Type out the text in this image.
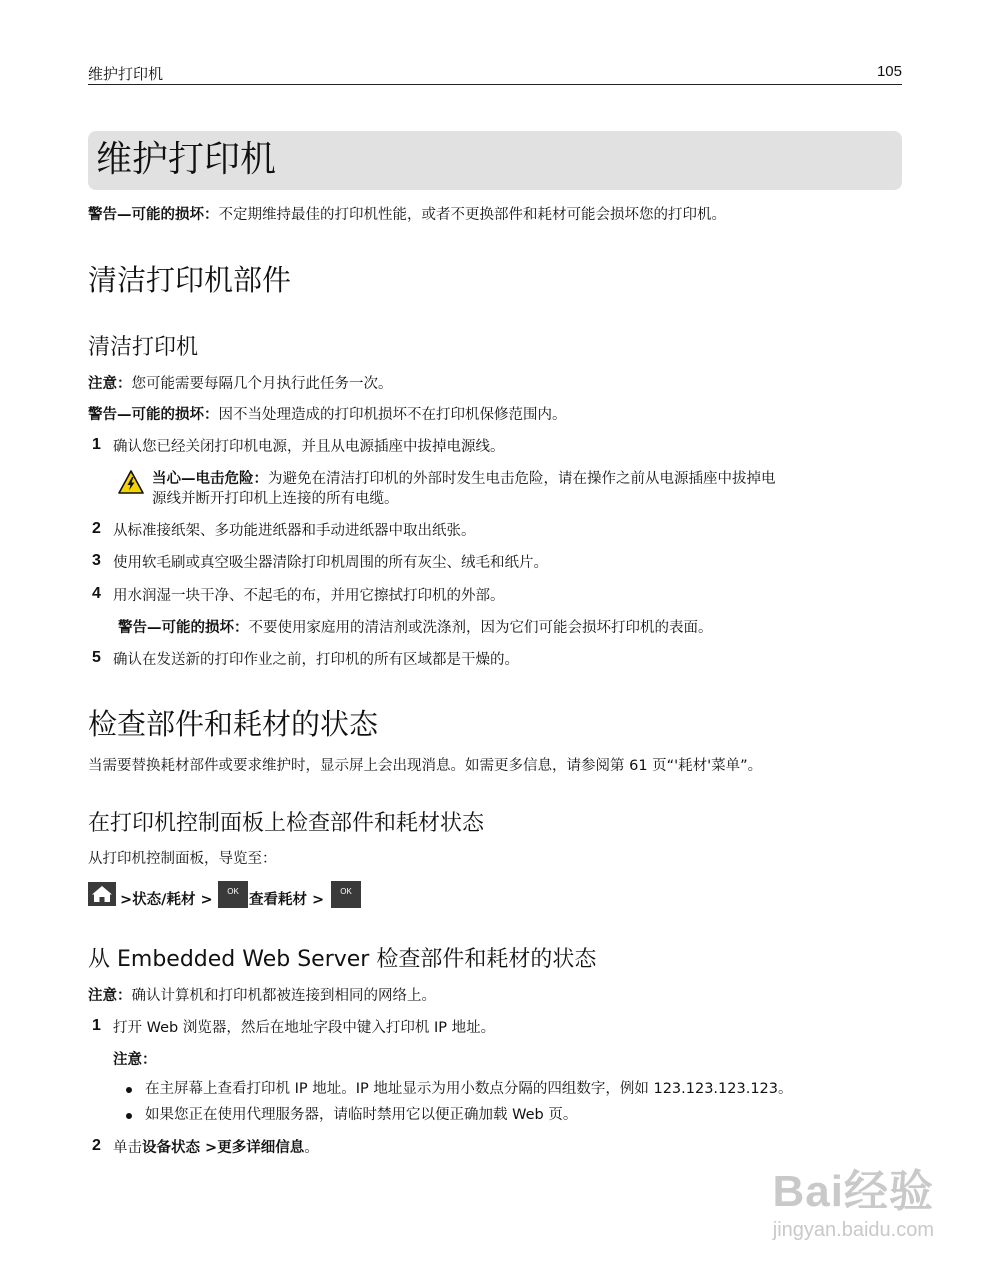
维护打印机	105
维护打印机
警告—可能的损坏：不定期维持最佳的打印机性能，或者不更换部件和耗材可能会损坏您的打印机。
清洁打印机部件
清洁打印机
注意：您可能需要每隔几个月执行此任务一次。
警告—可能的损坏：因不当处理造成的打印机损坏不在打印机保修范围内。
1 确认您已经关闭打印机电源，并且从电源插座中拔掉电源线。
当心—电击危险：为避免在清洁打印机的外部时发生电击危险，请在操作之前从电源插座中拔掉电
源线并断开打印机上连接的所有电缆。
2 从标准接纸架、多功能进纸器和手动进纸器中取出纸张。
3 使用软毛刷或真空吸尘器清除打印机周围的所有灰尘、绒毛和纸片。
4 用水润湿一块干净、不起毛的布，并用它擦拭打印机的外部。
警告—可能的损坏：不要使用家庭用的清洁剂或洗涤剂，因为它们可能会损坏打印机的表面。
5 确认在发送新的打印作业之前，打印机的所有区域都是干燥的。
检查部件和耗材的状态
当需要替换耗材部件或要求维护时，显示屏上会出现消息。如需更多信息，请参阅第 61 页“'耗材'菜单”。
在打印机控制面板上检查部件和耗材状态
从打印机控制面板，导览至：
>状态/耗材 >
OK
查看耗材 >
OK
从 Embedded Web Server 检查部件和耗材的状态
注意：确认计算机和打印机都被连接到相同的网络上。
1 打开 Web 浏览器，然后在地址字段中键入打印机 IP 地址。
注意：
在主屏幕上查看打印机 IP 地址。IP 地址显示为用小数点分隔的四组数字，例如 123.123.123.123。
如果您正在使用代理服务器，请临时禁用它以便正确加载 Web 页。
2 单击设备状态 >更多详细信息。
Bai经验
jingyan.baidu.com
